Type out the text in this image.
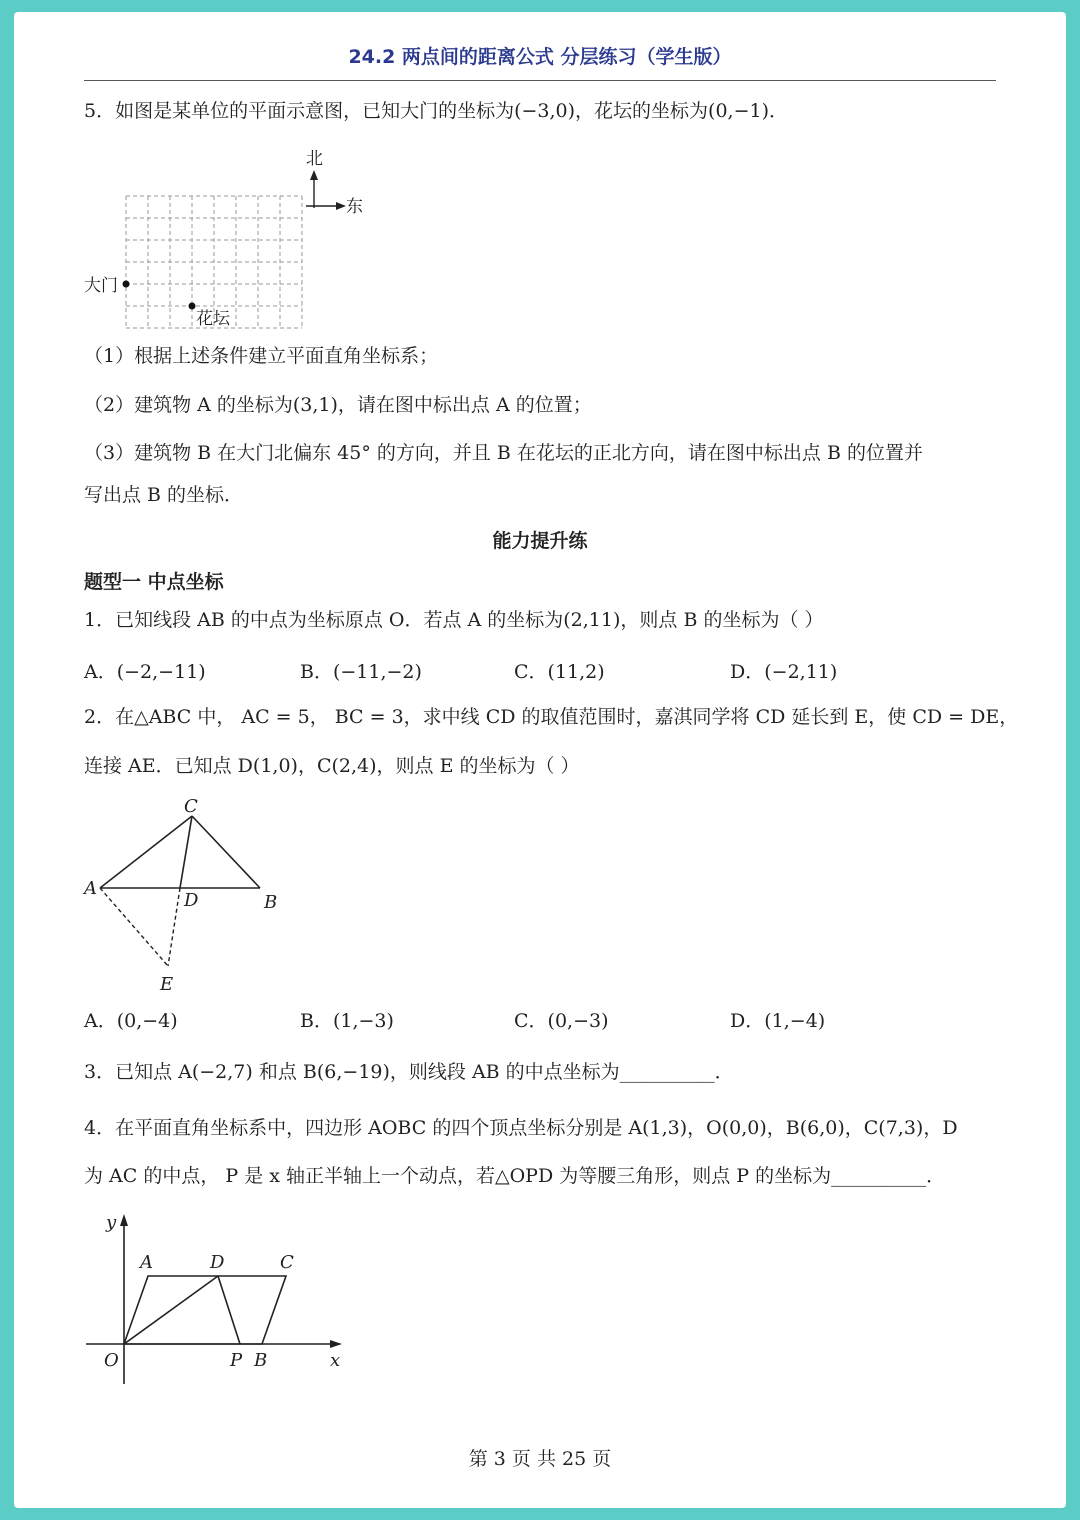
24.2 两点间的距离公式 分层练习（学生版）
5．如图是某单位的平面示意图，已知大门的坐标为(−3,0)，花坛的坐标为(0,−1)．
北
东
大门
花坛
（1）根据上述条件建立平面直角坐标系；
（2）建筑物 A 的坐标为(3,1)，请在图中标出点 A 的位置；
（3）建筑物 B 在大门北偏东 45° 的方向，并且 B 在花坛的正北方向，请在图中标出点 B 的位置并
写出点 B 的坐标．
能力提升练
题型一 中点坐标
1．已知线段 AB 的中点为坐标原点 O．若点 A 的坐标为(2,11)，则点 B 的坐标为（ ）
A．(−2,−11)	B．(−11,−2)	C．(11,2)	D．(−2,11)
2．在△ABC 中， AC = 5， BC = 3，求中线 CD 的取值范围时，嘉淇同学将 CD 延长到 E，使 CD = DE，
连接 AE．已知点 D(1,0)，C(2,4)，则点 E 的坐标为（ ）
C
A
D	B
E
A．(0,−4)	B．(1,−3)	C．(0,−3)	D．(1,−4)
3．已知点 A(−2,7) 和点 B(6,−19)，则线段 AB 的中点坐标为__________．
4．在平面直角坐标系中，四边形 AOBC 的四个顶点坐标分别是 A(1,3)，O(0,0)，B(6,0)，C(7,3)，D
为 AC 的中点， P 是 x 轴正半轴上一个动点，若△OPD 为等腰三角形，则点 P 的坐标为__________．
y
x
O
A	D	C
P B
第 3 页 共 25 页
